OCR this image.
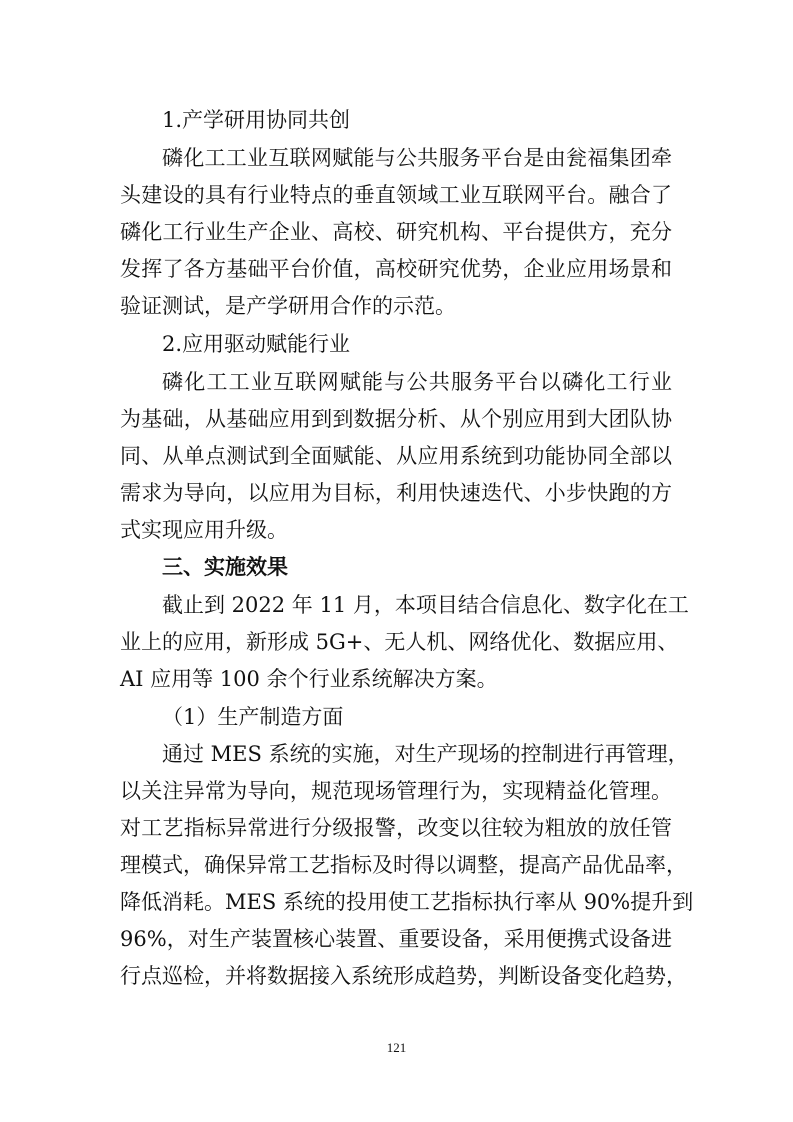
1.产学研用协同共创
磷化工工业互联网赋能与公共服务平台是由瓮福集团牵
头建设的具有行业特点的垂直领域工业互联网平台。融合了
磷化工行业生产企业、高校、研究机构、平台提供方，充分
发挥了各方基础平台价值，高校研究优势，企业应用场景和
验证测试，是产学研用合作的示范。
2.应用驱动赋能行业
磷化工工业互联网赋能与公共服务平台以磷化工行业
为基础，从基础应用到到数据分析、从个别应用到大团队协
同、从单点测试到全面赋能、从应用系统到功能协同全部以
需求为导向，以应用为目标，利用快速迭代、小步快跑的方
式实现应用升级。
三、实施效果
截止到 2022 年 11 月，本项目结合信息化、数字化在工
业上的应用，新形成 5G+、无人机、网络优化、数据应用、
AI 应用等 100 余个行业系统解决方案。
（1）生产制造方面
通过 MES 系统的实施，对生产现场的控制进行再管理，
以关注异常为导向，规范现场管理行为，实现精益化管理。
对工艺指标异常进行分级报警，改变以往较为粗放的放任管
理模式，确保异常工艺指标及时得以调整，提高产品优品率，
降低消耗。MES 系统的投用使工艺指标执行率从 90%提升到
96%，对生产装置核心装置、重要设备，采用便携式设备进
行点巡检，并将数据接入系统形成趋势，判断设备变化趋势，
121
